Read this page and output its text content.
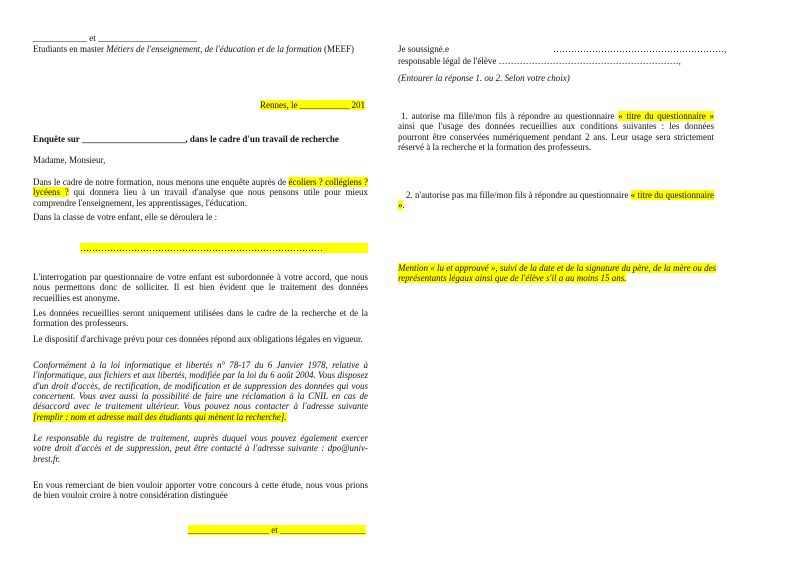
____________ et ______________________

Etudiants en master Métiers de l'enseignement, de l'éducation et de la formation (MEEF)

Rennes, le ___________ 201

Enquête sur _______________________, dans le cadre d'un travail de recherche

Madame, Monsieur,

Dans le cadre de notre formation, nous menons une enquête auprès de écoliers ? collégiens ? lycéens ? qui donnera lieu à un travail d'analyse que nous pensons utile pour mieux comprendre l'enseignement, les apprentissages, l'éducation.

Dans la classe de votre enfant, elle se déroulera le :

………………………………………………………………………

L'interrogation par questionnaire de votre enfant est subordonnée à votre accord, que nous nous permettons donc de solliciter. Il est bien évident que le traitement des données recueillies est anonyme.

Les données recueillies seront uniquement utilisées dans le cadre de la recherche et de la formation des professeurs.

Le dispositif d'archivage prévu pour ces données répond aux obligations légales en vigueur.

Conformément à la loi informatique et libertés n° 78-17 du 6 Janvier 1978, relative à l'informatique, aux fichiers et aux libertés, modifiée par la loi du 6 août 2004. Vous disposez d'un droit d'accès, de rectification, de modification et de suppression des données qui vous concernent. Vous avez aussi la possibilité de faire une réclamation à la CNIL en cas de désaccord avec le traitement ultérieur. Vous pouvez nous contacter à l'adresse suivante [remplir : nom et adresse mail des étudiants qui mènent la recherche].

Le responsable du registre de traitement, auprès duquel vous pouvez également exercer votre droit d'accès et de suppression, peut être contacté à l'adresse suivante : dpo@univ-brest.fr.

En vous remerciant de bien vouloir apporter votre concours à cette étude, nous vous prions de bien vouloir croire à notre considération distinguée

__________________ et ___________________

Je soussigné.e	…………………………………………………,

responsable légal de l'élève ……………………………………………………,

(Entourer la réponse 1. ou 2. Selon votre choix)

1. autorise ma fille/mon fils à répondre au questionnaire « titre du questionnaire » ainsi que l'usage des données recueillies aux conditions suivantes : les données pourront être conservées numériquement pendant 2 ans. Leur usage sera strictement réservé à la recherche et la formation des professeurs.

2. n'autorise pas ma fille/mon fils à répondre au questionnaire « titre du questionnaire ».

Mention « lu et approuvé », suivi de la date et de la signature du père, de la mère ou des représentants légaux ainsi que de l'élève s'il a au moins 15 ans.
